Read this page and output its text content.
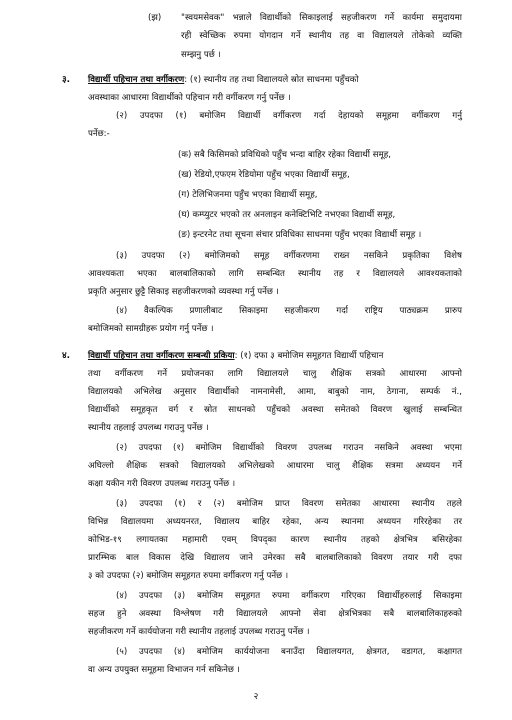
(झ) "स्वयमसेवक" भन्नाले विद्यार्थीको सिकाइलाई सहजीकरण गर्ने कार्यमा समुदायमा
रही स्वेच्छिक रुपमा योगदान गर्ने स्थानीय तह वा विद्यालयले तोकेको व्यक्ति
सम्झनु पर्छ ।
३. विद्यार्थी पहिचान तथा वर्गीकरण: (१) स्थानीय तह तथा विद्यालयले स्रोत साधनमा पहुँचको
अवस्थाका आधारमा विद्यार्थीको पहिचान गरी वर्गीकरण गर्नु पर्नेछ ।
(२) उपदफा (१) बमोजिम विद्यार्थी वर्गीकरण गर्दा देहायको समूहमा वर्गीकरण गर्नु
पर्नेछ:-
(क) सबै किसिमको प्रविधिको पहुँच भन्दा बाहिर रहेका विद्यार्थी समूह,
(ख) रेडियो,एफएम रेडियोमा पहुँच भएका विद्यार्थी समूह,
(ग) टेलिभिजनमा पहुँच भएका विद्यार्थी समूह,
(घ) कम्प्युटर भएको तर अनलाइन कनेक्टिभिटि नभएका विद्यार्थी समूह,
(ङ) इन्टरनेट तथा सूचना संचार प्रविधिका साधनमा पहुँच भएका विद्यार्थी समूह ।
(३) उपदफा (२) बमोजिमको समूह वर्गीकरणमा राख्न नसकिने प्रकृतिका विशेष
आवश्यकता भएका बालबालिकाको लागि सम्बन्धित स्थानीय तह र विद्यालयले आवश्यकताको
प्रकृति अनुसार छुट्टै सिकाइ सहजीकरणको व्यवस्था गर्नु पर्नेछ ।
(४) वैकल्पिक प्रणालीबाट सिकाइमा सहजीकरण गर्दा राष्ट्रिय पाठ्यक्रम प्रारुप
बमोजिमको सामग्रीहरू प्रयोग गर्नु पर्नेछ ।
४. विद्यार्थी पहिचान तथा वर्गीकरण सम्बन्धी प्रकिया: (१) दफा ३ बमोजिम समूहगत विद्यार्थी पहिचान
तथा वर्गीकरण गर्ने प्रयोजनका लागि विद्यालयले चालु शैक्षिक सत्रको आधारमा आफ्नो
विद्यालयको अभिलेख अनुसार विद्यार्थीको नामनामेसी, आमा, बाबुको नाम, ठेगाना, सम्पर्क नं.,
विद्यार्थीको समूहकृत वर्ग र स्रोत साधनको पहुँचको अवस्था समेतको विवरण खुलाई सम्बन्धित
स्थानीय तहलाई उपलब्ध गराउनु पर्नेछ ।
(२) उपदफा (१) बमोजिम विद्यार्थीको विवरण उपलब्ध गराउन नसकिने अवस्था भएमा
अघिल्लो शैक्षिक सत्रको विद्यालयको अभिलेखको आधारमा चालु शैक्षिक सत्रमा अध्ययन गर्ने
कक्षा यकीन गरी विवरण उपलब्ध गराउनु पर्नेछ ।
(३) उपदफा (१) र (२) बमोजिम प्राप्त विवरण समेतका आधारमा स्थानीय तहले
विभिन्न विद्यालयमा अध्ययनरत, विद्यालय बाहिर रहेका, अन्य स्थानमा अध्ययन गरिरहेका तर
कोभिड-१९ लगायतका महामारी एवम् विपद्का कारण स्थानीय तहको क्षेत्रभित्र बसिरहेका
प्रारम्भिक बाल विकास देखि विद्यालय जाने उमेरका सबै बालबालिकाको विवरण तयार गरी दफा
३ को उपदफा (२) बमोजिम समूहगत रुपमा वर्गीकरण गर्नु पर्नेछ ।
(४) उपदफा (३) बमोजिम समूहगत रुपमा वर्गीकरण गरिएका विद्यार्थीहरुलाई सिकाइमा
सहज हुने अवस्था विश्लेषण गरी विद्यालयले आफ्नो सेवा क्षेत्रभित्रका सबै बालबालिकाहरुको
सहजीकरण गर्ने कार्ययोजना गरी स्थानीय तहलाई उपलब्ध गराउनु पर्नेछ ।
(५) उपदफा (४) बमोजिम कार्ययोजना बनाउँदा विद्यालयगत, क्षेत्रगत, वडागत, कक्षागत
वा अन्य उपयुक्त समूहमा विभाजन गर्न सकिनेछ ।
२
